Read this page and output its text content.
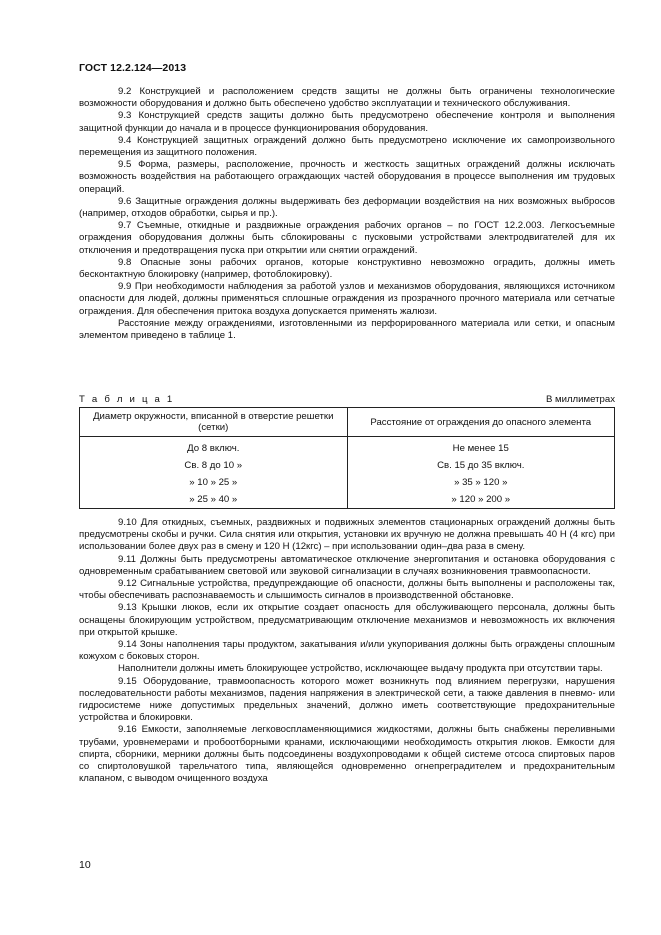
ГОСТ 12.2.124—2013

9.2 Конструкцией и расположением средств защиты не должны быть ограничены технологические возможности оборудования и должно быть обеспечено удобство эксплуатации и технического обслуживания.

9.3 Конструкцией средств защиты должно быть предусмотрено обеспечение контроля и выполнения защитной функции до начала и в процессе функционирования оборудования.

9.4 Конструкцией защитных ограждений должно быть предусмотрено исключение их самопроизвольного перемещения из защитного положения.

9.5 Форма, размеры, расположение, прочность и жесткость защитных ограждений должны исключать возможность воздействия на работающего ограждающих частей оборудования в процессе выполнения им трудовых операций.

9.6 Защитные ограждения должны выдерживать без деформации воздействия на них возможных выбросов (например, отходов обработки, сырья и пр.).

9.7 Съемные, откидные и раздвижные ограждения рабочих органов – по ГОСТ 12.2.003. Легкосъемные ограждения оборудования должны быть сблокированы с пусковыми устройствами электродвигателей для их отключения и предотвращения пуска при открытии или снятии ограждений.

9.8 Опасные зоны рабочих органов, которые конструктивно невозможно оградить, должны иметь бесконтактную блокировку (например, фотоблокировку).

9.9 При необходимости наблюдения за работой узлов и механизмов оборудования, являющихся источником опасности для людей, должны применяться сплошные ограждения из прозрачного прочного материала или сетчатые ограждения. Для обеспечения притока воздуха допускается применять жалюзи.

Расстояние между ограждениями, изготовленными из перфорированного материала или сетки, и опасным элементом приведено в таблице 1.

Т а б л и ц а 1	В миллиметрах
Диаметр окружности, вписанной в отверстие решетки (сетки)	Расстояние от ограждения до опасного элемента
До 8 включ.	Не менее 15
Св. 8 до 10 »	Св. 15 до 35 включ.
» 10 » 25 »	» 35 » 120 »
» 25 » 40 »	» 120 » 200 »

9.10 Для откидных, съемных, раздвижных и подвижных элементов стационарных ограждений должны быть предусмотрены скобы и ручки. Сила снятия или открытия, установки их вручную не должна превышать 40 Н (4 кгс) при использовании более двух раз в смену и 120 Н (12кгс) – при использовании один–два раза в смену.

9.11 Должны быть предусмотрены автоматическое отключение энергопитания и остановка оборудования с одновременным срабатыванием световой или звуковой сигнализации в случаях возникновения травмоопасности.

9.12 Сигнальные устройства, предупреждающие об опасности, должны быть выполнены и расположены так, чтобы обеспечивать распознаваемость и слышимость сигналов в производственной обстановке.

9.13 Крышки люков, если их открытие создает опасность для обслуживающего персонала, должны быть оснащены блокирующим устройством, предусматривающим отключение механизмов и невозможность их включения при открытой крышке.

9.14 Зоны наполнения тары продуктом, закатывания и/или укупоривания должны быть ограждены сплошным кожухом с боковых сторон.

Наполнители должны иметь блокирующее устройство, исключающее выдачу продукта при отсутствии тары.

9.15 Оборудование, травмоопасность которого может возникнуть под влиянием перегрузки, нарушения последовательности работы механизмов, падения напряжения в электрической сети, а также давления в пневмо- или гидросистеме ниже допустимых предельных значений, должно иметь соответствующие предохранительные устройства и блокировки.

9.16 Емкости, заполняемые легковоспламеняющимися жидкостями, должны быть снабжены переливными трубами, уровнемерами и пробоотборными кранами, исключающими необходимость открытия люков. Емкости для спирта, сборники, мерники должны быть подсоединены воздухопроводами к общей системе отсоса спиртовых паров со спиртоловушкой тарельчатого типа, являющейся одновременно огнепреградителем и предохранительным клапаном, с выводом очищенного воздуха

10
